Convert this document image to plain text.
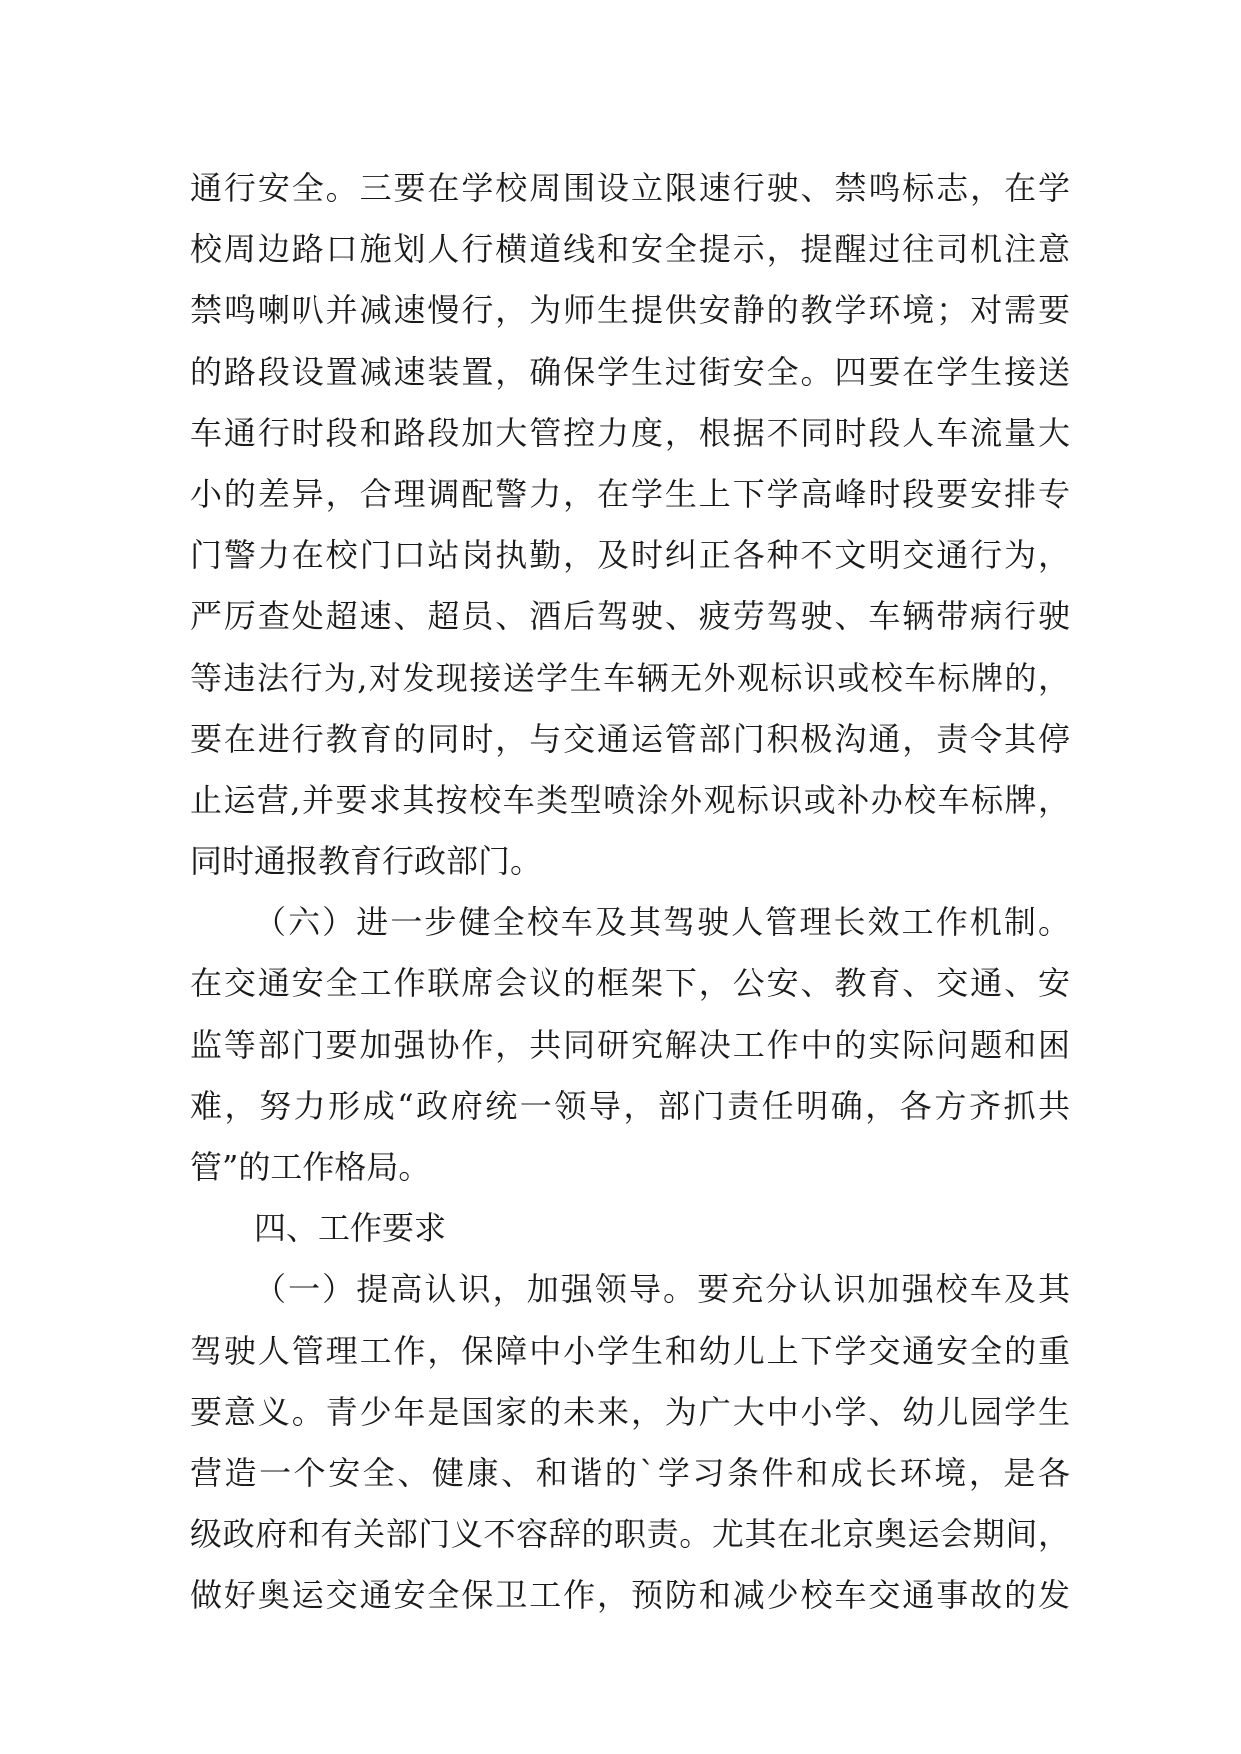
通行安全。三要在学校周围设立限速行驶、禁鸣标志，在学
校周边路口施划人行横道线和安全提示，提醒过往司机注意
禁鸣喇叭并减速慢行，为师生提供安静的教学环境；对需要
的路段设置减速装置，确保学生过街安全。四要在学生接送
车通行时段和路段加大管控力度，根据不同时段人车流量大
小的差异，合理调配警力，在学生上下学高峰时段要安排专
门警力在校门口站岗执勤，及时纠正各种不文明交通行为，
严厉查处超速、超员、酒后驾驶、疲劳驾驶、车辆带病行驶
等违法行为,对发现接送学生车辆无外观标识或校车标牌的，
要在进行教育的同时，与交通运管部门积极沟通，责令其停
止运营,并要求其按校车类型喷涂外观标识或补办校车标牌，
同时通报教育行政部门。
（六）进一步健全校车及其驾驶人管理长效工作机制。
在交通安全工作联席会议的框架下，公安、教育、交通、安
监等部门要加强协作，共同研究解决工作中的实际问题和困
难，努力形成“政府统一领导，部门责任明确，各方齐抓共
管”的工作格局。
四、工作要求
（一）提高认识，加强领导。要充分认识加强校车及其
驾驶人管理工作，保障中小学生和幼儿上下学交通安全的重
要意义。青少年是国家的未来，为广大中小学、幼儿园学生
营造一个安全、健康、和谐的`学习条件和成长环境，是各
级政府和有关部门义不容辞的职责。尤其在北京奥运会期间，
做好奥运交通安全保卫工作，预防和减少校车交通事故的发
